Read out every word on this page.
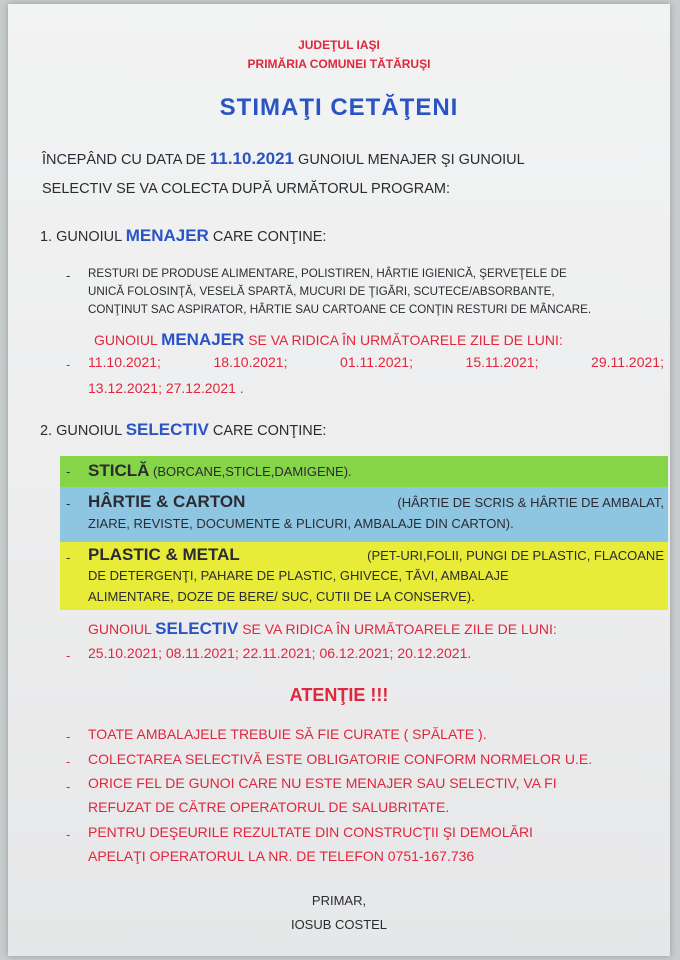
JUDEŢUL IAŞI
PRIMĂRIA COMUNEI TĂTĂRUŞI
STIMAŢI CETĂŢENI
ÎNCEPÂND CU DATA DE 11.10.2021 GUNOIUL MENAJER ŞI GUNOIUL
SELECTIV SE VA COLECTA DUPĂ URMĂTORUL PROGRAM:
1. GUNOIUL MENAJER CARE CONŢINE:
- RESTURI DE PRODUSE ALIMENTARE, POLISTIREN, HÂRTIE IGIENICĂ, ŞERVEŢELE DE
UNICĂ FOLOSINŢĂ, VESELĂ SPARTĂ, MUCURI DE ŢIGĂRI, SCUTECE/ABSORBANTE,
CONŢINUT SAC ASPIRATOR, HÂRTIE SAU CARTOANE CE CONŢIN RESTURI DE MÂNCARE.
GUNOIUL MENAJER SE VA RIDICA ÎN URMĂTOARELE ZILE DE LUNI:
- 11.10.2021;	18.10.2021;	01.11.2021;	15.11.2021;	29.11.2021;
13.12.2021; 27.12.2021 .
2. GUNOIUL SELECTIV CARE CONŢINE:
- STICLĂ (BORCANE,STICLE,DAMIGENE).
- HÂRTIE & CARTON	(HÂRTIE DE SCRIS & HÂRTIE DE AMBALAT,
ZIARE, REVISTE, DOCUMENTE & PLICURI, AMBALAJE DIN CARTON).
- PLASTIC & METAL	(PET-URI,FOLII, PUNGI DE PLASTIC, FLACOANE
DE DETERGENŢI, PAHARE DE PLASTIC, GHIVECE, TĂVI, AMBALAJE
ALIMENTARE, DOZE DE BERE/ SUC, CUTII DE LA CONSERVE).
GUNOIUL SELECTIV SE VA RIDICA ÎN URMĂTOARELE ZILE DE LUNI:
- 25.10.2021; 08.11.2021; 22.11.2021; 06.12.2021; 20.12.2021.
ATENŢIE !!!
- TOATE AMBALAJELE TREBUIE SĂ FIE CURATE ( SPĂLATE ).
- COLECTAREA SELECTIVĂ ESTE OBLIGATORIE CONFORM NORMELOR U.E.
- ORICE FEL DE GUNOI CARE NU ESTE MENAJER SAU SELECTIV, VA FI
REFUZAT DE CĂTRE OPERATORUL DE SALUBRITATE.
- PENTRU DEŞEURILE REZULTATE DIN CONSTRUCŢII ŞI DEMOLĂRI
APELAŢI OPERATORUL LA NR. DE TELEFON 0751-167.736
PRIMAR,
IOSUB COSTEL
